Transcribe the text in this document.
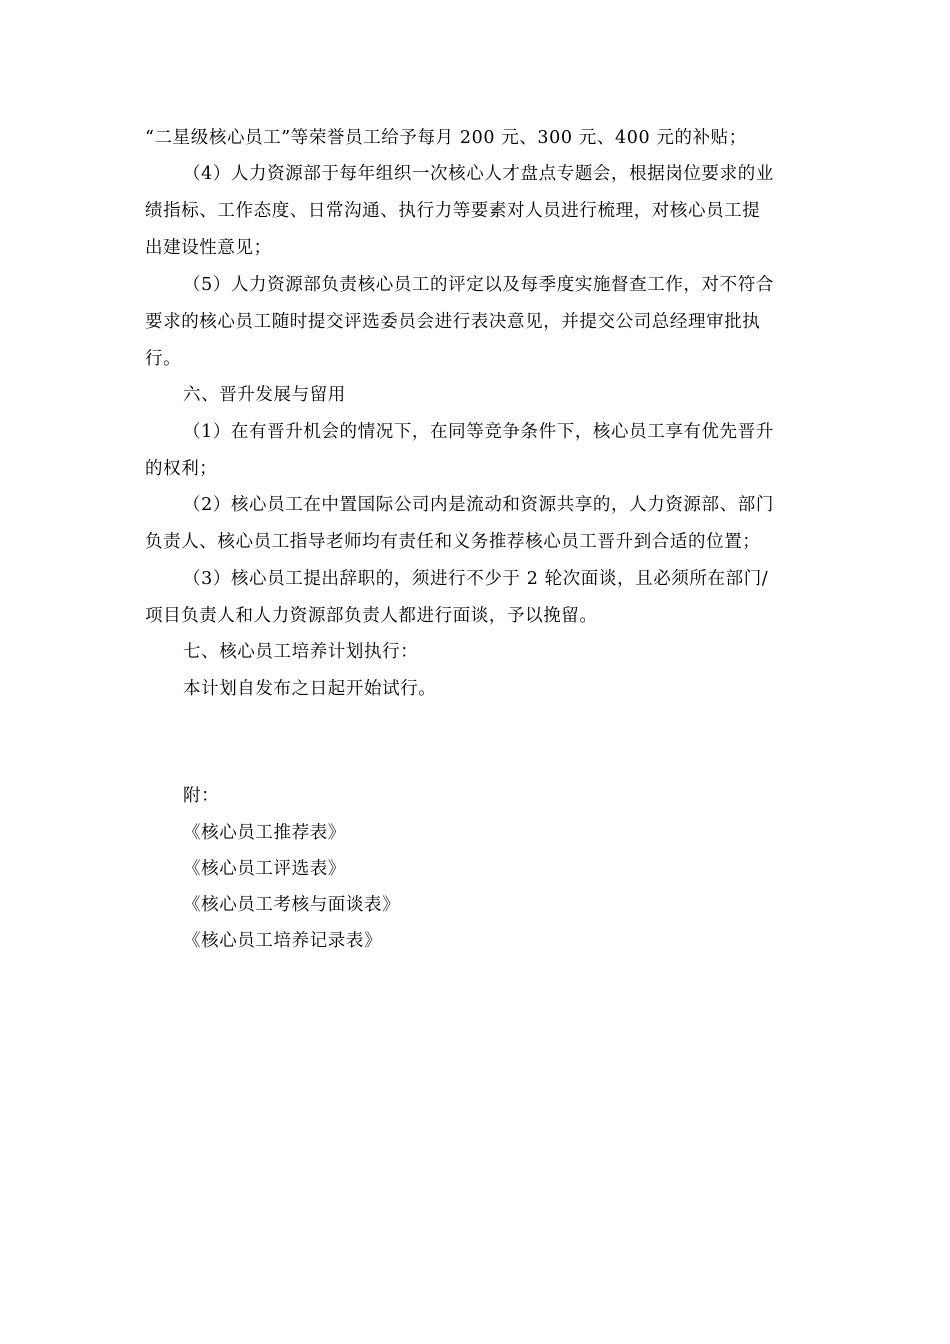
“二星级核心员工”等荣誉员工给予每月 200 元、300 元、400 元的补贴；
（4）人力资源部于每年组织一次核心人才盘点专题会，根据岗位要求的业
绩指标、工作态度、日常沟通、执行力等要素对人员进行梳理，对核心员工提
出建设性意见；
（5）人力资源部负责核心员工的评定以及每季度实施督查工作，对不符合
要求的核心员工随时提交评选委员会进行表决意见，并提交公司总经理审批执
行。
六、晋升发展与留用
（1）在有晋升机会的情况下，在同等竞争条件下，核心员工享有优先晋升
的权利；
（2）核心员工在中置国际公司内是流动和资源共享的，人力资源部、部门
负责人、核心员工指导老师均有责任和义务推荐核心员工晋升到合适的位置；
（3）核心员工提出辞职的，须进行不少于 2 轮次面谈，且必须所在部门/
项目负责人和人力资源部负责人都进行面谈，予以挽留。
七、核心员工培养计划执行：
本计划自发布之日起开始试行。
附：
《核心员工推荐表》
《核心员工评选表》
《核心员工考核与面谈表》
《核心员工培养记录表》
